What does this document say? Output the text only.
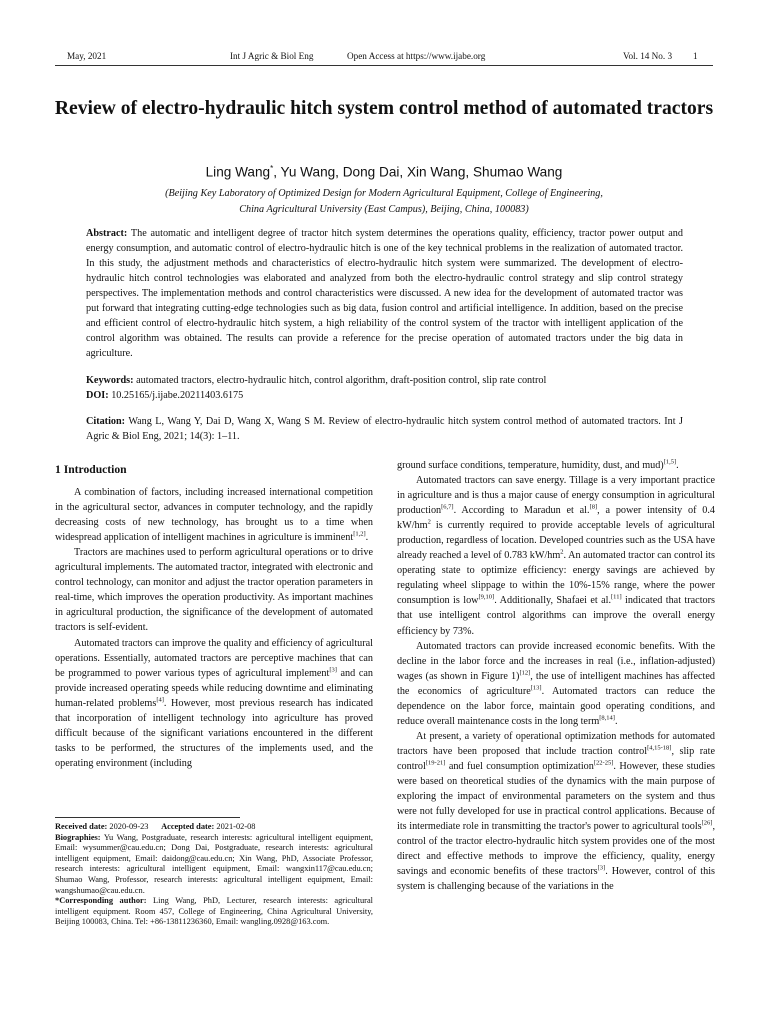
May, 2021	Int J Agric & Biol Eng	Open Access at https://www.ijabe.org	Vol. 14 No. 3 1
Review of electro-hydraulic hitch system control method of automated tractors
Ling Wang*, Yu Wang, Dong Dai, Xin Wang, Shumao Wang
(Beijing Key Laboratory of Optimized Design for Modern Agricultural Equipment, College of Engineering,
China Agricultural University (East Campus), Beijing, China, 100083)

Abstract: The automatic and intelligent degree of tractor hitch system determines the operations quality, efficiency, tractor power output and energy consumption, and automatic control of electro-hydraulic hitch is one of the key technical problems in the realization of automated tractor. In this study, the adjustment methods and characteristics of electro-hydraulic hitch system were summarized. The development of electro-hydraulic hitch control technologies was elaborated and analyzed from both the electro-hydraulic control strategy and slip control strategy perspectives. The implementation methods and control characteristics were discussed. A new idea for the development of automated tractor was put forward that integrating cutting-edge technologies such as big data, fusion control and artificial intelligence. In addition, based on the precise and efficient control of electro-hydraulic hitch system, a high reliability of the control system of the tractor with intelligent application of the control algorithm was obtained. The results can provide a reference for the precise operation of automated tractors under the big data in agriculture.

Keywords: automated tractors, electro-hydraulic hitch, control algorithm, draft-position control, slip rate control

DOI: 10.25165/j.ijabe.20211403.6175

Citation: Wang L, Wang Y, Dai D, Wang X, Wang S M. Review of electro-hydraulic hitch system control method of automated tractors. Int J Agric & Biol Eng, 2021; 14(3): 1–11.

1 Introduction

A combination of factors, including increased international competition in the agricultural sector, advances in computer technology, and the rapidly decreasing costs of new technology, has brought us to a time when widespread application of intelligent machines in agriculture is imminent[1,2].

Tractors are machines used to perform agricultural operations or to drive agricultural implements. The automated tractor, integrated with electronic and control technology, can monitor and adjust the tractor operation parameters in real-time, which improves the operation productivity. As important machines in agricultural production, the significance of the development of automated tractors is self-evident.

Automated tractors can improve the quality and efficiency of agricultural operations. Essentially, automated tractors are perceptive machines that can be programmed to power various types of agricultural implement[3] and can provide increased operating speeds while reducing downtime and eliminating human-related problems[4]. However, most previous research has indicated that incorporation of intelligent technology into agriculture has proved difficult because of the significant variations encountered in the different tasks to be performed, the structures of the implements used, and the operating environment (including

ground surface conditions, temperature, humidity, dust, and mud)[1,5].

Automated tractors can save energy. Tillage is a very important practice in agriculture and is thus a major cause of energy consumption in agricultural production[6,7]. According to Maradun et al.[8], a power intensity of 0.4 $kW/hm^2$ is currently required to provide acceptable levels of agricultural production, regardless of location. Developed countries such as the USA have already reached a level of 0.783 $kW/hm^2$. An automated tractor can control its operating state to optimize efficiency: energy savings are achieved by regulating wheel slippage to within the 10%-15% range, where the power consumption is low[9,10]. Additionally, Shafaei et al.[11] indicated that tractors that use intelligent control algorithms can improve the overall energy efficiency by 73%.

Automated tractors can provide increased economic benefits. With the decline in the labor force and the increases in real (i.e., inflation-adjusted) wages (as shown in Figure 1)[12], the use of intelligent machines has affected the economics of agriculture[13]. Automated tractors can reduce the dependence on the labor force, maintain good operating conditions, and reduce overall maintenance costs in the long term[8,14].

At present, a variety of operational optimization methods for automated tractors have been proposed that include traction control[4,15-18], slip rate control[19-21] and fuel consumption optimization[22-25]. However, these studies were based on theoretical studies of the dynamics with the main purpose of exploring the impact of environmental parameters on the system and thus were not fully developed for use in practical control applications. Because of its intermediate role in transmitting the tractor's power to agricultural tools[26], control of the tractor electro-hydraulic hitch system provides one of the most direct and effective methods to improve the efficiency, quality, energy savings and economic benefits of these tractors[3]. However, control of this system is challenging because of the variations in the

Received date: 2020-09-23 Accepted date: 2021-02-08

Biographies: Yu Wang, Postgraduate, research interests: agricultural intelligent equipment, Email: wysummer@cau.edu.cn; Dong Dai, Postgraduate, research interests: agricultural intelligent equipment, Email: daidong@cau.edu.cn; Xin Wang, PhD, Associate Professor, research interests: agricultural intelligent equipment, Email: wangxin117@cau.edu.cn; Shumao Wang, Professor, research interests: agricultural intelligent equipment, Email: wangshumao@cau.edu.cn.

*Corresponding author: Ling Wang, PhD, Lecturer, research interests: agricultural intelligent equipment. Room 457, College of Engineering, China Agricultural University, Beijing 100083, China. Tel: +86-13811236360, Email: wangling.0928@163.com.
